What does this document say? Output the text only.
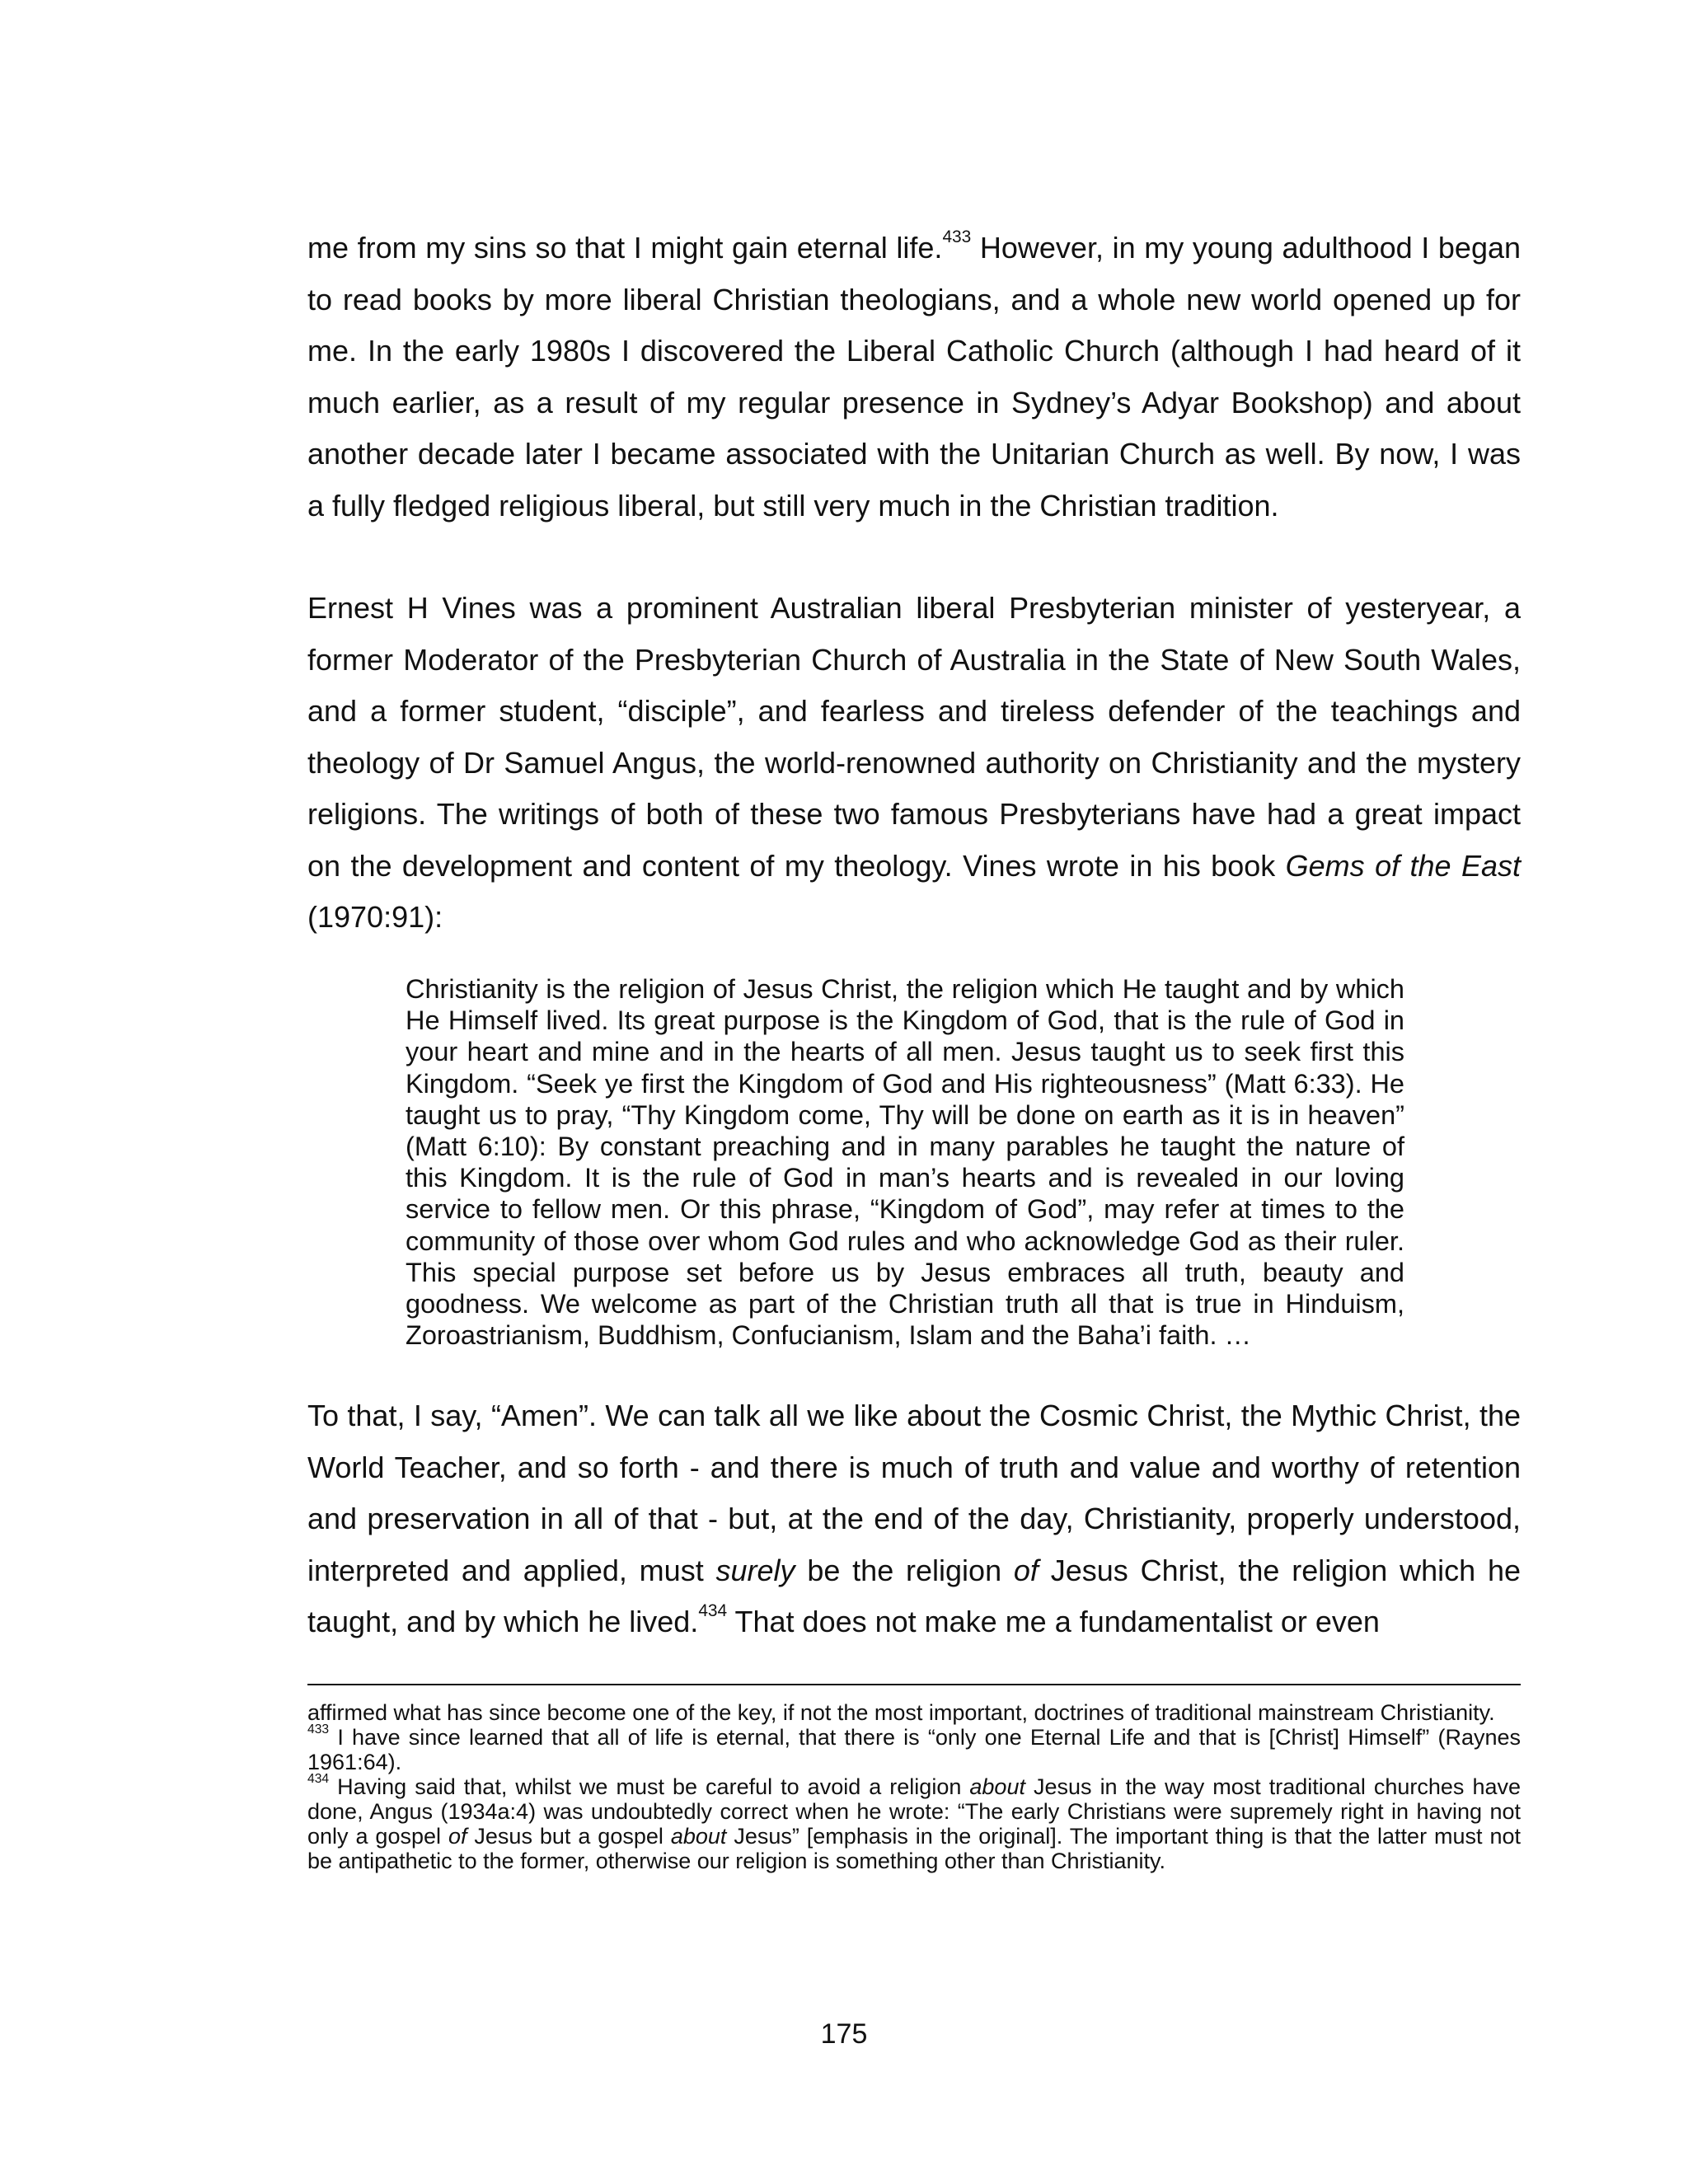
me from my sins so that I might gain eternal life.$^{433}$ However, in my young adulthood I began to read books by more liberal Christian theologians, and a whole new world opened up for me. In the early 1980s I discovered the Liberal Catholic Church (although I had heard of it much earlier, as a result of my regular presence in Sydney’s Adyar Bookshop) and about another decade later I became associated with the Unitarian Church as well. By now, I was a fully fledged religious liberal, but still very much in the Christian tradition.

Ernest H Vines was a prominent Australian liberal Presbyterian minister of yesteryear, a former Moderator of the Presbyterian Church of Australia in the State of New South Wales, and a former student, “disciple”, and fearless and tireless defender of the teachings and theology of Dr Samuel Angus, the world-renowned authority on Christianity and the mystery religions. The writings of both of these two famous Presbyterians have had a great impact on the development and content of my theology. Vines wrote in his book Gems of the East (1970:91):

Christianity is the religion of Jesus Christ, the religion which He taught and by which He Himself lived. Its great purpose is the Kingdom of God, that is the rule of God in your heart and mine and in the hearts of all men. Jesus taught us to seek first this Kingdom. “Seek ye first the Kingdom of God and His righteousness” (Matt 6:33). He taught us to pray, “Thy Kingdom come, Thy will be done on earth as it is in heaven” (Matt 6:10): By constant preaching and in many parables he taught the nature of this Kingdom. It is the rule of God in man’s hearts and is revealed in our loving service to fellow men. Or this phrase, “Kingdom of God”, may refer at times to the community of those over whom God rules and who acknowledge God as their ruler. This special purpose set before us by Jesus embraces all truth, beauty and goodness. We welcome as part of the Christian truth all that is true in Hinduism, Zoroastrianism, Buddhism, Confucianism, Islam and the Baha’i faith. …

To that, I say, “Amen”. We can talk all we like about the Cosmic Christ, the Mythic Christ, the World Teacher, and so forth - and there is much of truth and value and worthy of retention and preservation in all of that - but, at the end of the day, Christianity, properly understood, interpreted and applied, must surely be the religion of Jesus Christ, the religion which he taught, and by which he lived.$^{434}$ That does not make me a fundamentalist or even

affirmed what has since become one of the key, if not the most important, doctrines of traditional mainstream Christianity.

$^{433}$ I have since learned that all of life is eternal, that there is “only one Eternal Life and that is [Christ] Himself” (Raynes 1961:64).

$^{434}$ Having said that, whilst we must be careful to avoid a religion about Jesus in the way most traditional churches have done, Angus (1934a:4) was undoubtedly correct when he wrote: “The early Christians were supremely right in having not only a gospel of Jesus but a gospel about Jesus” [emphasis in the original]. The important thing is that the latter must not be antipathetic to the former, otherwise our religion is something other than Christianity.

175
